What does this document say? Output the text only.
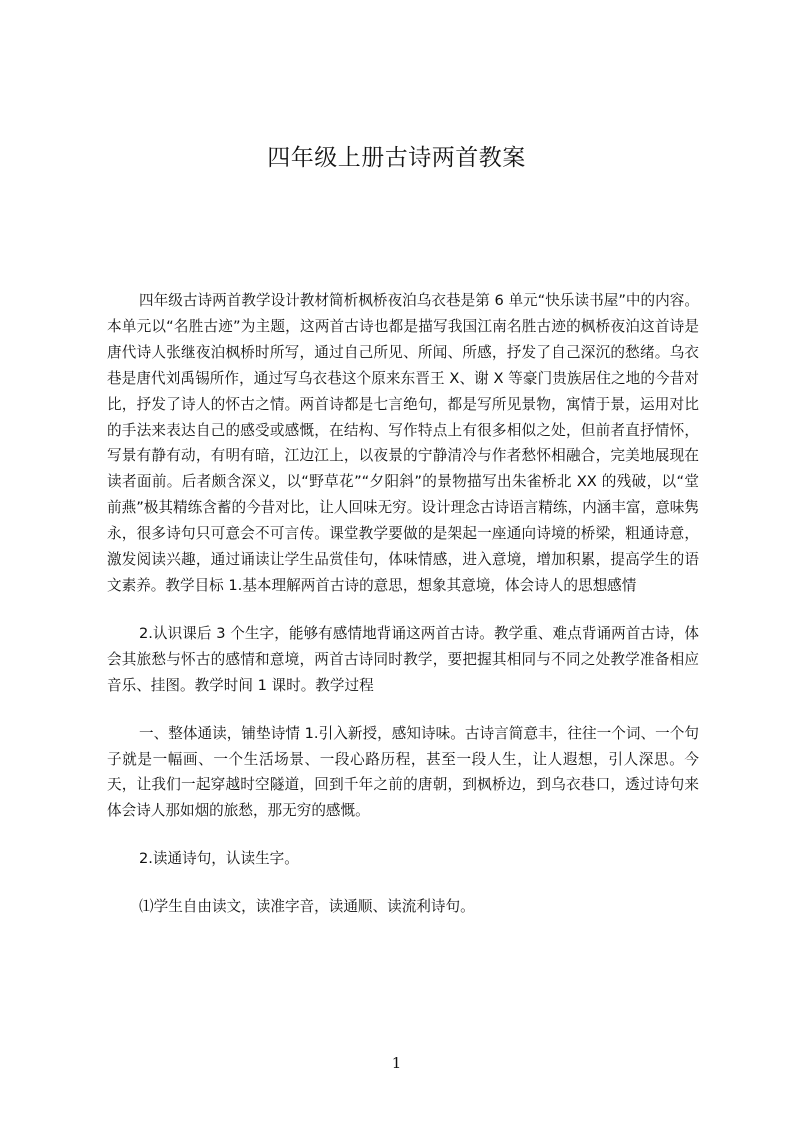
四年级上册古诗两首教案

四年级古诗两首教学设计教材简析枫桥夜泊乌衣巷是第 6 单元“快乐读书屋”中的内容。本单元以“名胜古迹”为主题，这两首古诗也都是描写我国江南名胜古迹的枫桥夜泊这首诗是唐代诗人张继夜泊枫桥时所写，通过自己所见、所闻、所感，抒发了自己深沉的愁绪。乌衣巷是唐代刘禹锡所作，通过写乌衣巷这个原来东晋王 X、谢 X 等豪门贵族居住之地的今昔对比，抒发了诗人的怀古之情。两首诗都是七言绝句，都是写所见景物，寓情于景，运用对比的手法来表达自己的感受或感慨，在结构、写作特点上有很多相似之处，但前者直抒情怀，写景有静有动，有明有暗，江边江上，以夜景的宁静清冷与作者愁怀相融合，完美地展现在读者面前。后者颇含深义，以“野草花”“夕阳斜”的景物描写出朱雀桥北 XX 的残破，以“堂前燕”极其精练含蓄的今昔对比，让人回味无穷。设计理念古诗语言精练，内涵丰富，意味隽永，很多诗句只可意会不可言传。课堂教学要做的是架起一座通向诗境的桥梁，粗通诗意，激发阅读兴趣，通过诵读让学生品赏佳句，体味情感，进入意境，增加积累，提高学生的语文素养。教学目标 1.基本理解两首古诗的意思，想象其意境，体会诗人的思想感情

2.认识课后 3 个生字，能够有感情地背诵这两首古诗。教学重、难点背诵两首古诗，体会其旅愁与怀古的感情和意境，两首古诗同时教学，要把握其相同与不同之处教学准备相应音乐、挂图。教学时间 1 课时。教学过程

一、整体通读，铺垫诗情 1.引入新授，感知诗味。古诗言简意丰，往往一个词、一个句子就是一幅画、一个生活场景、一段心路历程，甚至一段人生，让人遐想，引人深思。今天，让我们一起穿越时空隧道，回到千年之前的唐朝，到枫桥边，到乌衣巷口，透过诗句来体会诗人那如烟的旅愁，那无穷的感慨。

2.读通诗句，认读生字。

⑴学生自由读文，读准字音，读通顺、读流利诗句。

1
